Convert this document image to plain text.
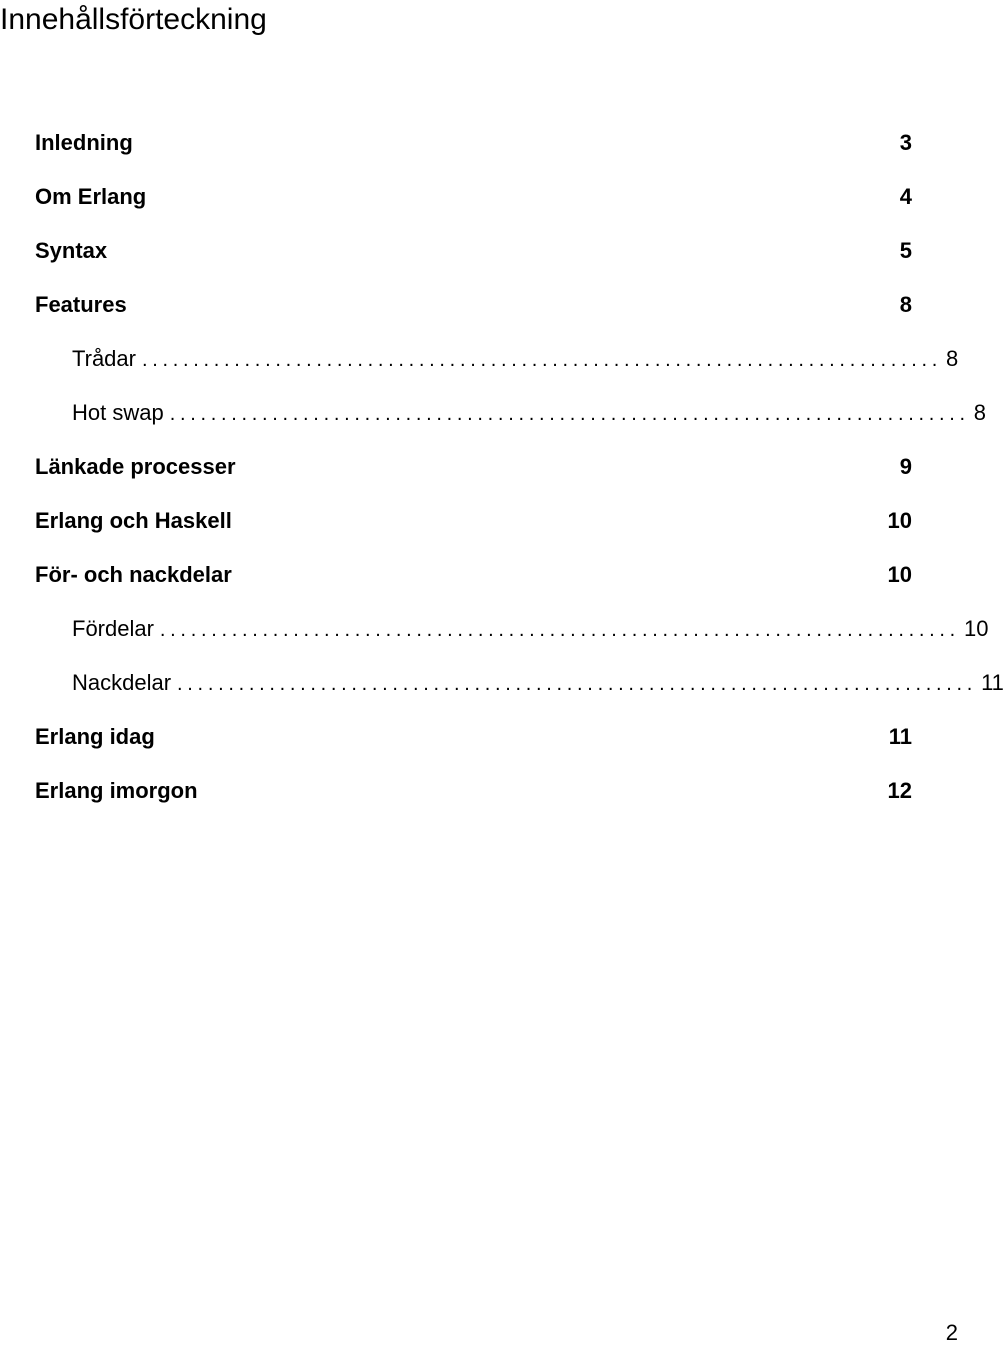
Innehållsförteckning
Inledning	3
Om Erlang	4
Syntax	5
Features	8
Trådar .............................................................................. 8
Hot swap .............................................................................. 8
Länkade processer	9
Erlang och Haskell	10
För- och nackdelar	10
Fördelar .............................................................................. 10
Nackdelar .............................................................................. 11
Erlang idag	11
Erlang imorgon	12
2
